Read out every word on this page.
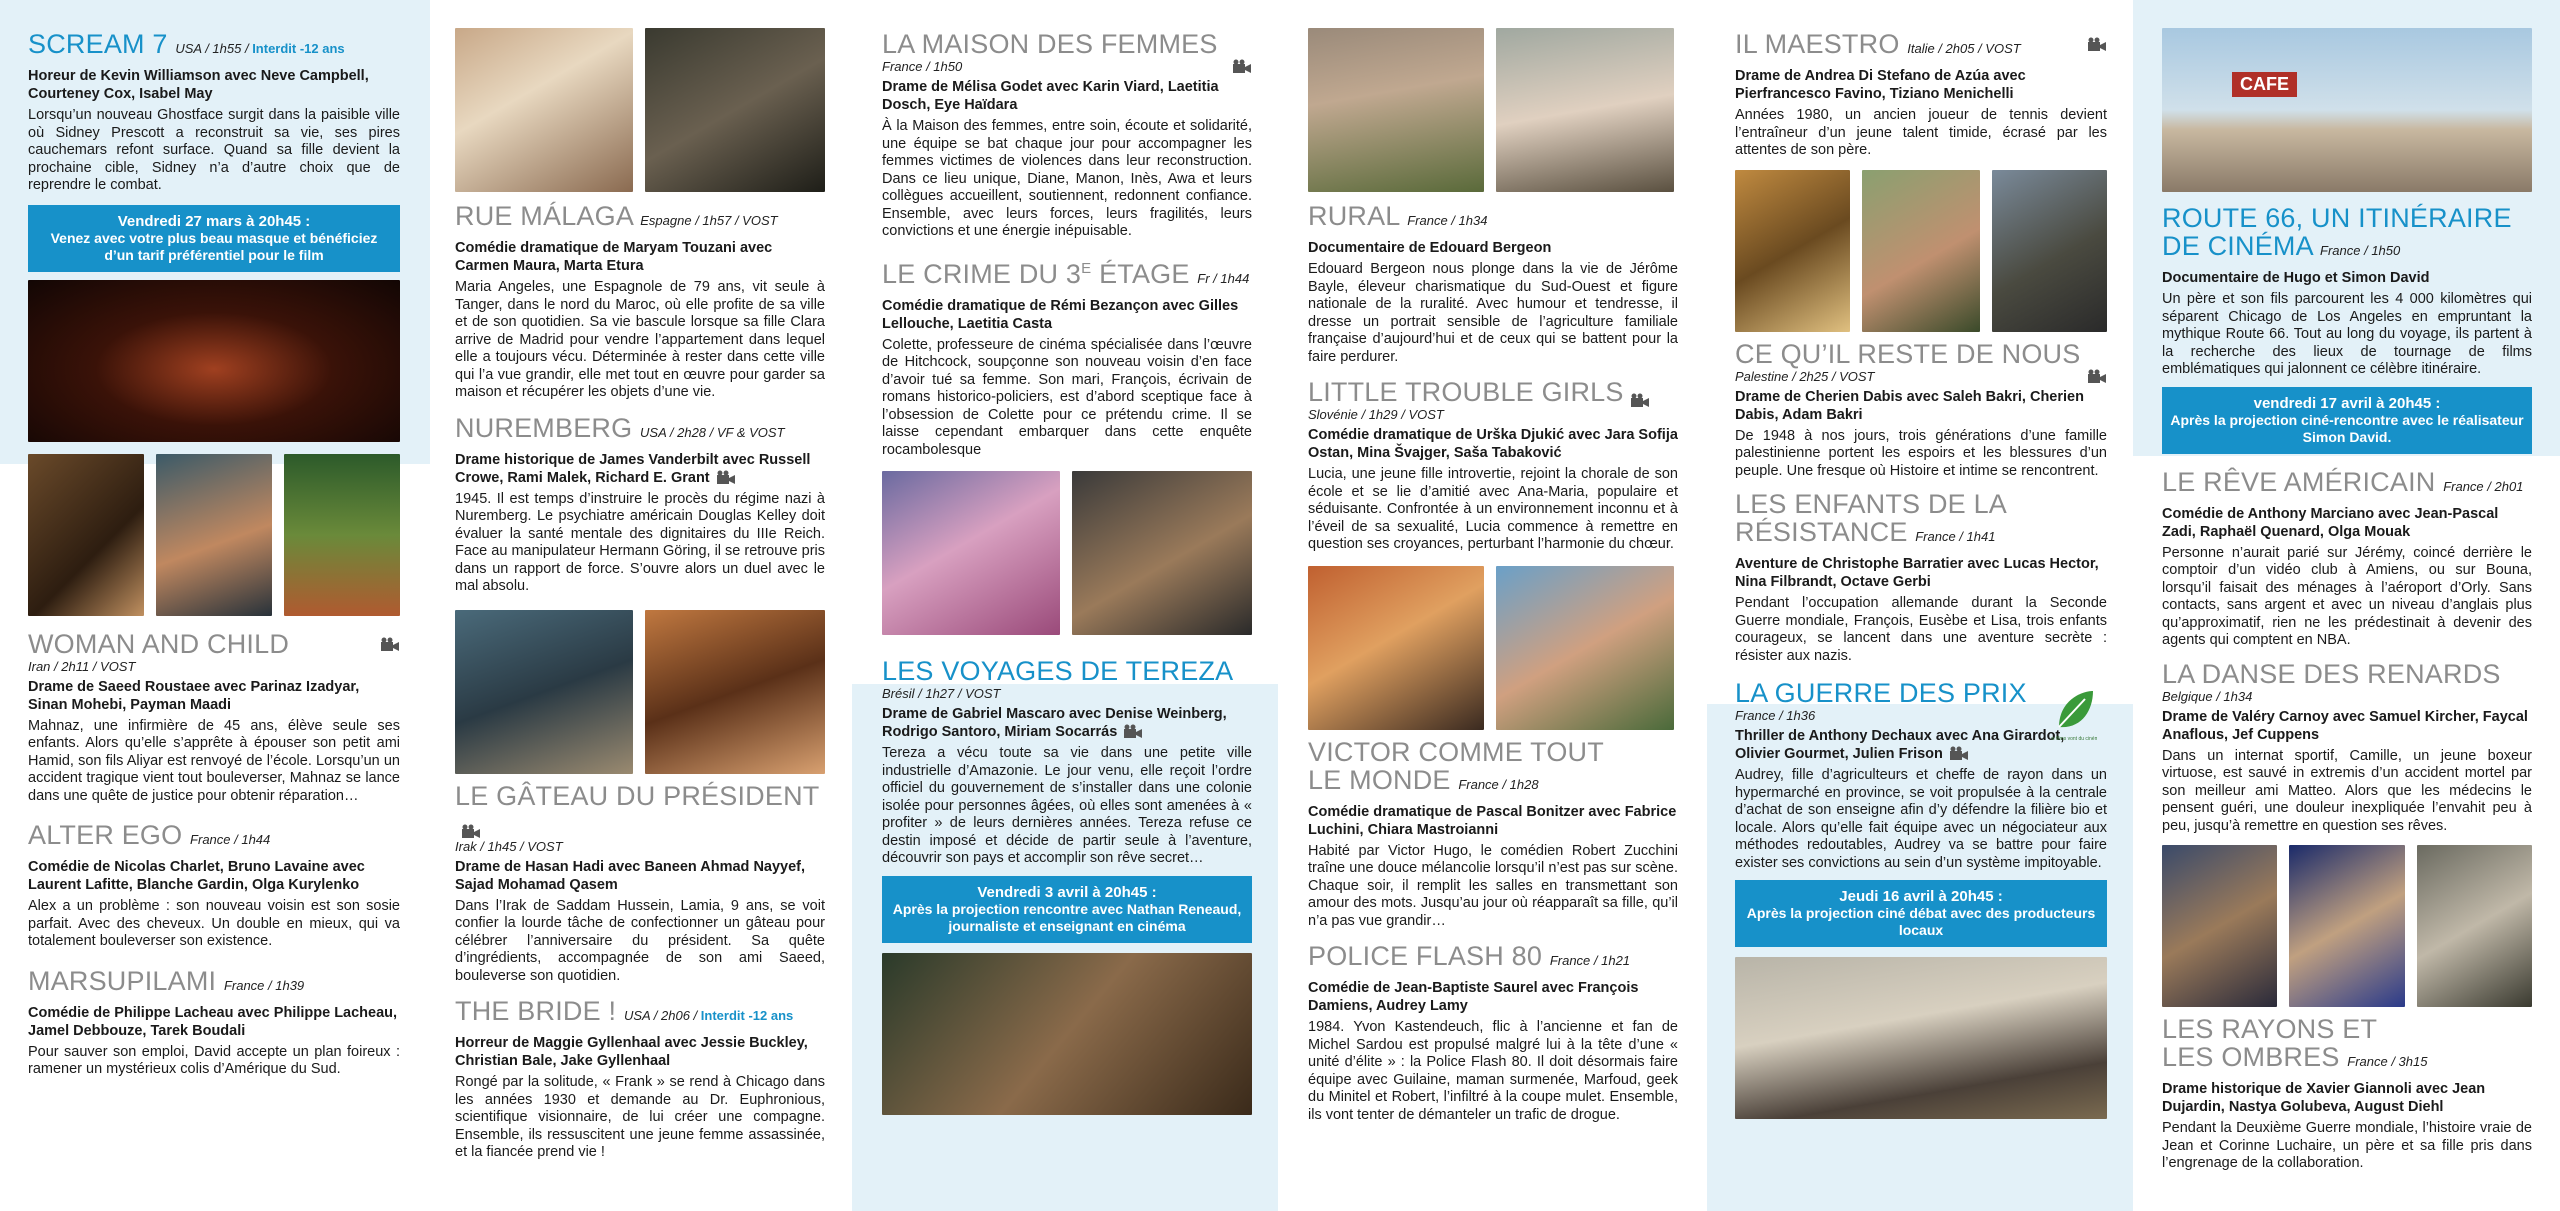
SCREAM 7 USA / 1h55 / Interdit -12 ans
Horeur de Kevin Williamson avec Neve Campbell, Courteney Cox, Isabel May
Lorsqu’un nouveau Ghostface surgit dans la paisible ville où Sidney Prescott a reconstruit sa vie, ses pires cauchemars refont surface. Quand sa fille devient la prochaine cible, Sidney n’a d’autre choix que de reprendre le combat.
Vendredi 27 mars à 20h45 :
Venez avec votre plus beau masque et bénéficiez d’un tarif préférentiel pour le film
WOMAN AND CHILD
Iran / 2h11 / VOST
Drame de Saeed Roustaee avec Parinaz Izadyar, Sinan Mohebi, Payman Maadi
Mahnaz, une infirmière de 45 ans, élève seule ses enfants. Alors qu’elle s’apprête à épouser son petit ami Hamid, son fils Aliyar est renvoyé de l’école. Lorsqu’un un accident tragique vient tout bouleverser, Mahnaz se lance dans une quête de justice pour obtenir réparation…
ALTER EGO France / 1h44
Comédie de Nicolas Charlet, Bruno Lavaine avec Laurent Lafitte, Blanche Gardin, Olga Kurylenko
Alex a un problème : son nouveau voisin est son sosie parfait. Avec des cheveux. Un double en mieux, qui va totalement bouleverser son existence.
MARSUPILAMI France / 1h39
Comédie de Philippe Lacheau avec Philippe Lacheau, Jamel Debbouze, Tarek Boudali
Pour sauver son emploi, David accepte un plan foireux : ramener un mystérieux colis d’Amérique du Sud.
RUE MÁLAGA Espagne / 1h57 / VOST
Comédie dramatique de Maryam Touzani avec Carmen Maura, Marta Etura
Maria Angeles, une Espagnole de 79 ans, vit seule à Tanger, dans le nord du Maroc, où elle profite de sa ville et de son quotidien. Sa vie bascule lorsque sa fille Clara arrive de Madrid pour vendre l’appartement dans lequel elle a toujours vécu. Déterminée à rester dans cette ville qui l’a vue grandir, elle met tout en œuvre pour garder sa maison et récupérer les objets d’une vie.
NUREMBERG USA / 2h28 / VF & VOST
Drame historique de James Vanderbilt avec Russell Crowe, Rami Malek, Richard E. Grant
1945. Il est temps d’instruire le procès du régime nazi à Nuremberg. Le psychiatre américain Douglas Kelley doit évaluer la santé mentale des dignitaires du IIIe Reich. Face au manipulateur Hermann Göring, il se retrouve pris dans un rapport de force. S’ouvre alors un duel avec le mal absolu.
LE GÂTEAU DU PRÉSIDENT
Irak / 1h45 / VOST
Drame de Hasan Hadi avec Baneen Ahmad Nayyef, Sajad Mohamad Qasem
Dans l’Irak de Saddam Hussein, Lamia, 9 ans, se voit confier la lourde tâche de confectionner un gâteau pour célébrer l’anniversaire du président. Sa quête d’ingrédients, accompagnée de son ami Saeed, bouleverse son quotidien.
THE BRIDE ! USA / 2h06 / Interdit -12 ans
Horreur de Maggie Gyllenhaal avec Jessie Buckley, Christian Bale, Jake Gyllenhaal
Rongé par la solitude, « Frank » se rend à Chicago dans les années 1930 et demande au Dr. Euphronious, scientifique visionnaire, de lui créer une compagne. Ensemble, ils ressuscitent une jeune femme assassinée, et la fiancée prend vie !
LA MAISON DES FEMMES
France / 1h50
Drame de Mélisa Godet avec Karin Viard, Laetitia Dosch, Eye Haïdara
À la Maison des femmes, entre soin, écoute et solidarité, une équipe se bat chaque jour pour accompagner les femmes victimes de violences dans leur reconstruction. Dans ce lieu unique, Diane, Manon, Inès, Awa et leurs collègues accueillent, soutiennent, redonnent confiance. Ensemble, avec leurs forces, leurs fragilités, leurs convictions et une énergie inépuisable.
LE CRIME DU $3^E$ ÉTAGE Fr / 1h44
Comédie dramatique de Rémi Bezançon avec Gilles Lellouche, Laetitia Casta
Colette, professeure de cinéma spécialisée dans l’œuvre de Hitchcock, soupçonne son nouveau voisin d’en face d’avoir tué sa femme. Son mari, François, écrivain de romans historico-policiers, est d’abord sceptique face à l’obsession de Colette pour ce prétendu crime. Il se laisse cependant embarquer dans cette enquête rocambolesque
LES VOYAGES DE TEREZA
Brésil / 1h27 / VOST
Drame de Gabriel Mascaro avec Denise Weinberg, Rodrigo Santoro, Miriam Socarrás
Tereza a vécu toute sa vie dans une petite ville industrielle d’Amazonie. Le jour venu, elle reçoit l’ordre officiel du gouvernement de s’installer dans une colonie isolée pour personnes âgées, où elles sont amenées à « profiter » de leurs dernières années. Tereza refuse ce destin imposé et décide de partir seule à l’aventure, découvrir son pays et accomplir son rêve secret…
Vendredi 3 avril à 20h45 :
Après la projection rencontre avec Nathan Reneaud, journaliste et enseignant en cinéma
RURAL France / 1h34
Documentaire de Edouard Bergeon
Edouard Bergeon nous plonge dans la vie de Jérôme Bayle, éleveur charismatique du Sud-Ouest et figure nationale de la ruralité. Avec humour et tendresse, il dresse un portrait sensible de l’agriculture familiale française d’aujourd’hui et de ceux qui se battent pour la faire perdurer.
LITTLE TROUBLE GIRLS
Slovénie / 1h29 / VOST
Comédie dramatique de Urška Djukić avec Jara Sofija Ostan, Mina Švajger, Saša Tabaković
Lucia, une jeune fille introvertie, rejoint la chorale de son école et se lie d’amitié avec Ana-Maria, populaire et séduisante. Confrontée à un environnement inconnu et à l’éveil de sa sexualité, Lucia commence à remettre en question ses croyances, perturbant l’harmonie du chœur.
VICTOR COMME TOUT
LE MONDE France / 1h28
Comédie dramatique de Pascal Bonitzer avec Fabrice Luchini, Chiara Mastroianni
Habité par Victor Hugo, le comédien Robert Zucchini traîne une douce mélancolie lorsqu’il n’est pas sur scène. Chaque soir, il remplit les salles en transmettant son amour des mots. Jusqu’au jour où réapparaît sa fille, qu’il n’a pas vue grandir…
POLICE FLASH 80 France / 1h21
Comédie de Jean-Baptiste Saurel avec François Damiens, Audrey Lamy
1984. Yvon Kastendeuch, flic à l’ancienne et fan de Michel Sardou est propulsé malgré lui à la tête d’une « unité d’élite » : la Police Flash 80. Il doit désormais faire équipe avec Guilaine, maman surmenée, Marfoud, geek du Minitel et Robert, l’infiltré à la coupe mulet. Ensemble, ils vont tenter de démanteler un trafic de drogue.
IL MAESTRO Italie / 2h05 / VOST
Drame de Andrea Di Stefano de Azúa avec Pierfrancesco Favino, Tiziano Menichelli
Années 1980, un ancien joueur de tennis devient l’entraîneur d’un jeune talent timide, écrasé par les attentes de son père.
CE QU’IL RESTE DE NOUS
Palestine / 2h25 / VOST
Drame de Cherien Dabis avec Saleh Bakri, Cherien Dabis, Adam Bakri
De 1948 à nos jours, trois générations d’une famille palestinienne portent les espoirs et les blessures d’un peuple. Une fresque où Histoire et intime se rencontrent.
LES ENFANTS DE LA
RÉSISTANCE France / 1h41
Aventure de Christophe Barratier avec Lucas Hector, Nina Filbrandt, Octave Gerbi
Pendant l’occupation allemande durant la Seconde Guerre mondiale, François, Eusèbe et Lisa, trois enfants courageux, se lancent dans une aventure secrète : résister aux nazis.
s films vont du ciném
LA GUERRE DES PRIX
France / 1h36
Thriller de Anthony Dechaux avec Ana Girardot, Olivier Gourmet, Julien Frison
Audrey, fille d’agriculteurs et cheffe de rayon dans un hypermarché en province, se voit propulsée à la centrale d’achat de son enseigne afin d’y défendre la filière bio et locale. Alors qu’elle fait équipe avec un négociateur aux méthodes redoutables, Audrey va se battre pour faire exister ses convictions au sein d’un système impitoyable.
Jeudi 16 avril à 20h45 :
Après la projection ciné débat avec des producteurs locaux
CAFE
ROUTE 66, UN ITINÉRAIRE
DE CINÉMA France / 1h50
Documentaire de Hugo et Simon David
Un père et son fils parcourent les 4 000 kilomètres qui séparent Chicago de Los Angeles en empruntant la mythique Route 66. Tout au long du voyage, ils partent à la recherche des lieux de tournage de films emblématiques qui jalonnent ce célèbre itinéraire.
vendredi 17 avril à 20h45 :
Après la projection ciné-rencontre avec le réalisateur Simon David.
LE RÊVE AMÉRICAIN France / 2h01
Comédie de Anthony Marciano avec Jean-Pascal Zadi, Raphaël Quenard, Olga Mouak
Personne n’aurait parié sur Jérémy, coincé derrière le comptoir d’un vidéo club à Amiens, ou sur Bouna, lorsqu’il faisait des ménages à l’aéroport d’Orly. Sans contacts, sans argent et avec un niveau d’anglais plus qu’approximatif, rien ne les prédestinait à devenir des agents qui comptent en NBA.
LA DANSE DES RENARDS
Belgique / 1h34
Drame de Valéry Carnoy avec Samuel Kircher, Faycal Anaflous, Jef Cuppens
Dans un internat sportif, Camille, un jeune boxeur virtuose, est sauvé in extremis d’un accident mortel par son meilleur ami Matteo. Alors que les médecins le pensent guéri, une douleur inexpliquée l’envahit peu à peu, jusqu’à remettre en question ses rêves.
LES RAYONS ET
LES OMBRES France / 3h15
Drame historique de Xavier Giannoli avec Jean Dujardin, Nastya Golubeva, August Diehl
Pendant la Deuxième Guerre mondiale, l’histoire vraie de Jean et Corinne Luchaire, un père et sa fille pris dans l’engrenage de la collaboration.
